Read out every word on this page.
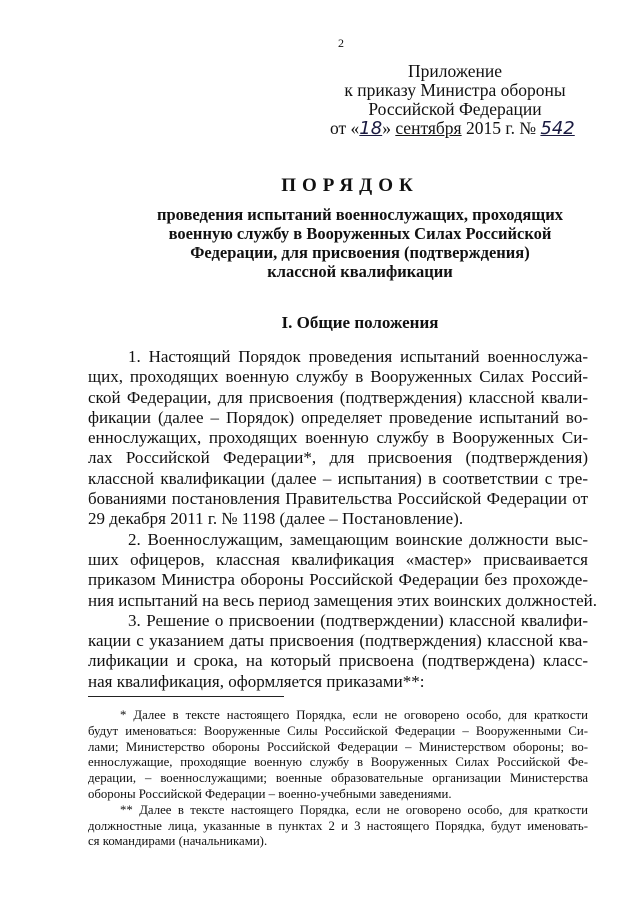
2
Приложение
к приказу Министра обороны
Российской Федерации
от «18» сентября 2015 г. № 542
ПОРЯДОК
проведения испытаний военнослужащих, проходящих
военную службу в Вооруженных Силах Российской
Федерации, для присвоения (подтверждения)
классной квалификации
I. Общие положения
1. Настоящий Порядок проведения испытаний военнослужа-
щих, проходящих военную службу в Вооруженных Силах Россий-
ской Федерации, для присвоения (подтверждения) классной квали-
фикации (далее – Порядок) определяет проведение испытаний во-
еннослужащих, проходящих военную службу в Вооруженных Си-
лах Российской Федерации*, для присвоения (подтверждения)
классной квалификации (далее – испытания) в соответствии с тре-
бованиями постановления Правительства Российской Федерации от
29 декабря 2011 г. № 1198 (далее – Постановление).
2. Военнослужащим, замещающим воинские должности выс-
ших офицеров, классная квалификация «мастер» присваивается
приказом Министра обороны Российской Федерации без прохожде-
ния испытаний на весь период замещения этих воинских должностей.
3. Решение о присвоении (подтверждении) классной квалифи-
кации с указанием даты присвоения (подтверждения) классной ква-
лификации и срока, на который присвоена (подтверждена) класс-
ная квалификация, оформляется приказами**:
* Далее в тексте настоящего Порядка, если не оговорено особо, для краткости
будут именоваться: Вооруженные Силы Российской Федерации – Вооруженными Си-
лами; Министерство обороны Российской Федерации – Министерством обороны; во-
еннослужащие, проходящие военную службу в Вооруженных Силах Российской Фе-
дерации, – военнослужащими; военные образовательные организации Министерства
обороны Российской Федерации – военно-учебными заведениями.
** Далее в тексте настоящего Порядка, если не оговорено особо, для краткости
должностные лица, указанные в пунктах 2 и 3 настоящего Порядка, будут именовать-
ся командирами (начальниками).
